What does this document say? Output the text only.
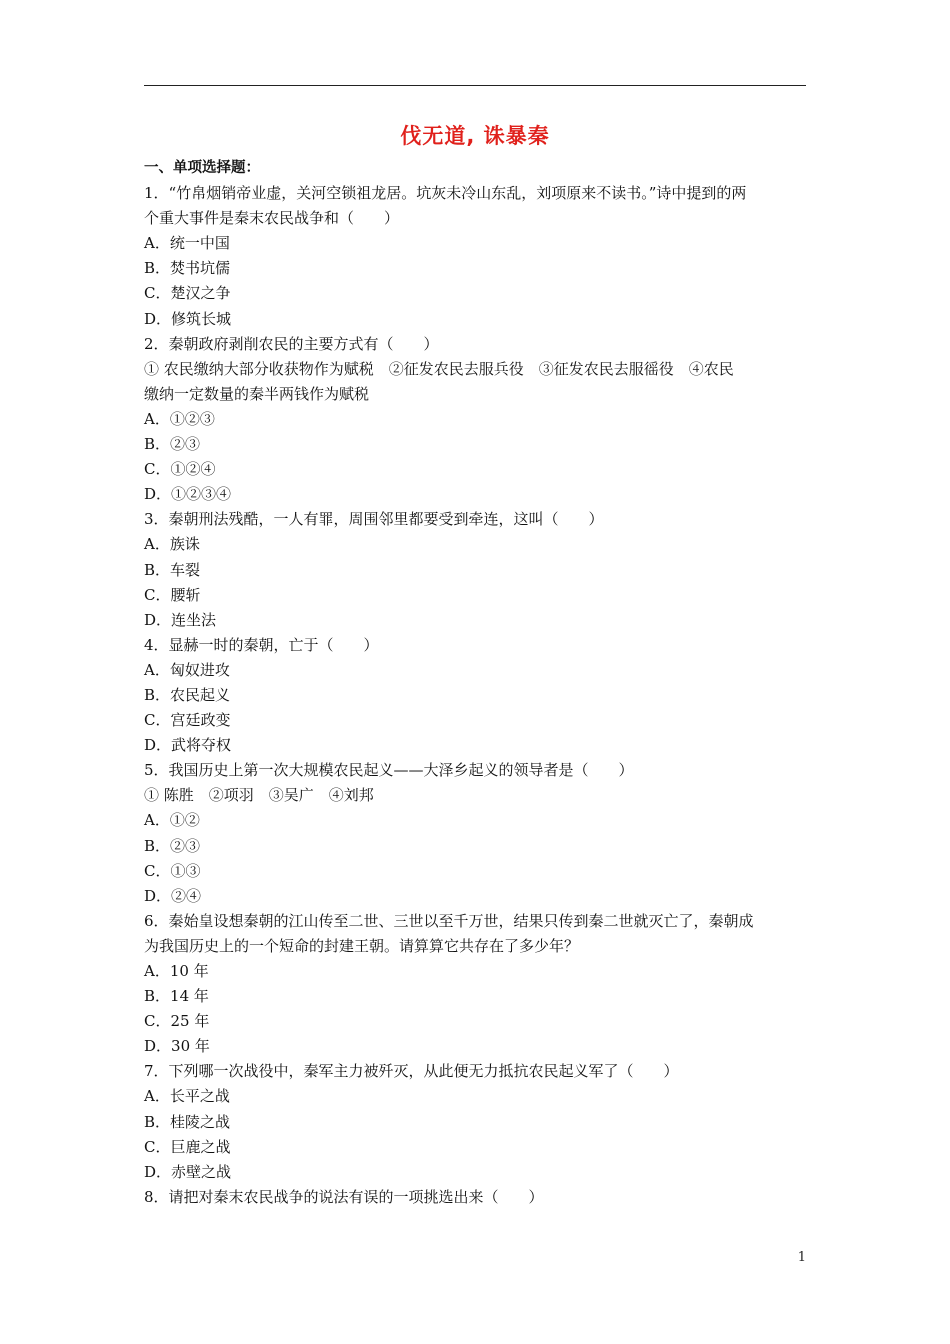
伐无道, 诛暴秦
一、单项选择题：
1．“竹帛烟销帝业虚，关河空锁祖龙居。坑灰未冷山东乱，刘项原来不读书。”诗中提到的两
个重大事件是秦末农民战争和（　　）
A．统一中国
B．焚书坑儒
C．楚汉之争
D．修筑长城
2．秦朝政府剥削农民的主要方式有（　　）
① 农民缴纳大部分收获物作为赋税　②征发农民去服兵役　③征发农民去服徭役　④农民
缴纳一定数量的秦半两钱作为赋税
A．①②③
B．②③
C．①②④
D．①②③④
3．秦朝刑法残酷，一人有罪，周围邻里都要受到牵连，这叫（　　）
A．族诛
B．车裂
C．腰斩
D．连坐法
4．显赫一时的秦朝，亡于（　　）
A．匈奴进攻
B．农民起义
C．宫廷政变
D．武将夺权
5．我国历史上第一次大规模农民起义——大泽乡起义的领导者是（　　）
① 陈胜　②项羽　③吴广　④刘邦
A．①②
B．②③
C．①③
D．②④
6．秦始皇设想秦朝的江山传至二世、三世以至千万世，结果只传到秦二世就灭亡了，秦朝成
为我国历史上的一个短命的封建王朝。请算算它共存在了多少年？
A．10 年
B．14 年
C．25 年
D．30 年
7．下列哪一次战役中，秦军主力被歼灭，从此便无力抵抗农民起义军了（　　）
A．长平之战
B．桂陵之战
C．巨鹿之战
D．赤壁之战
8．请把对秦末农民战争的说法有误的一项挑选出来（　　）
1
